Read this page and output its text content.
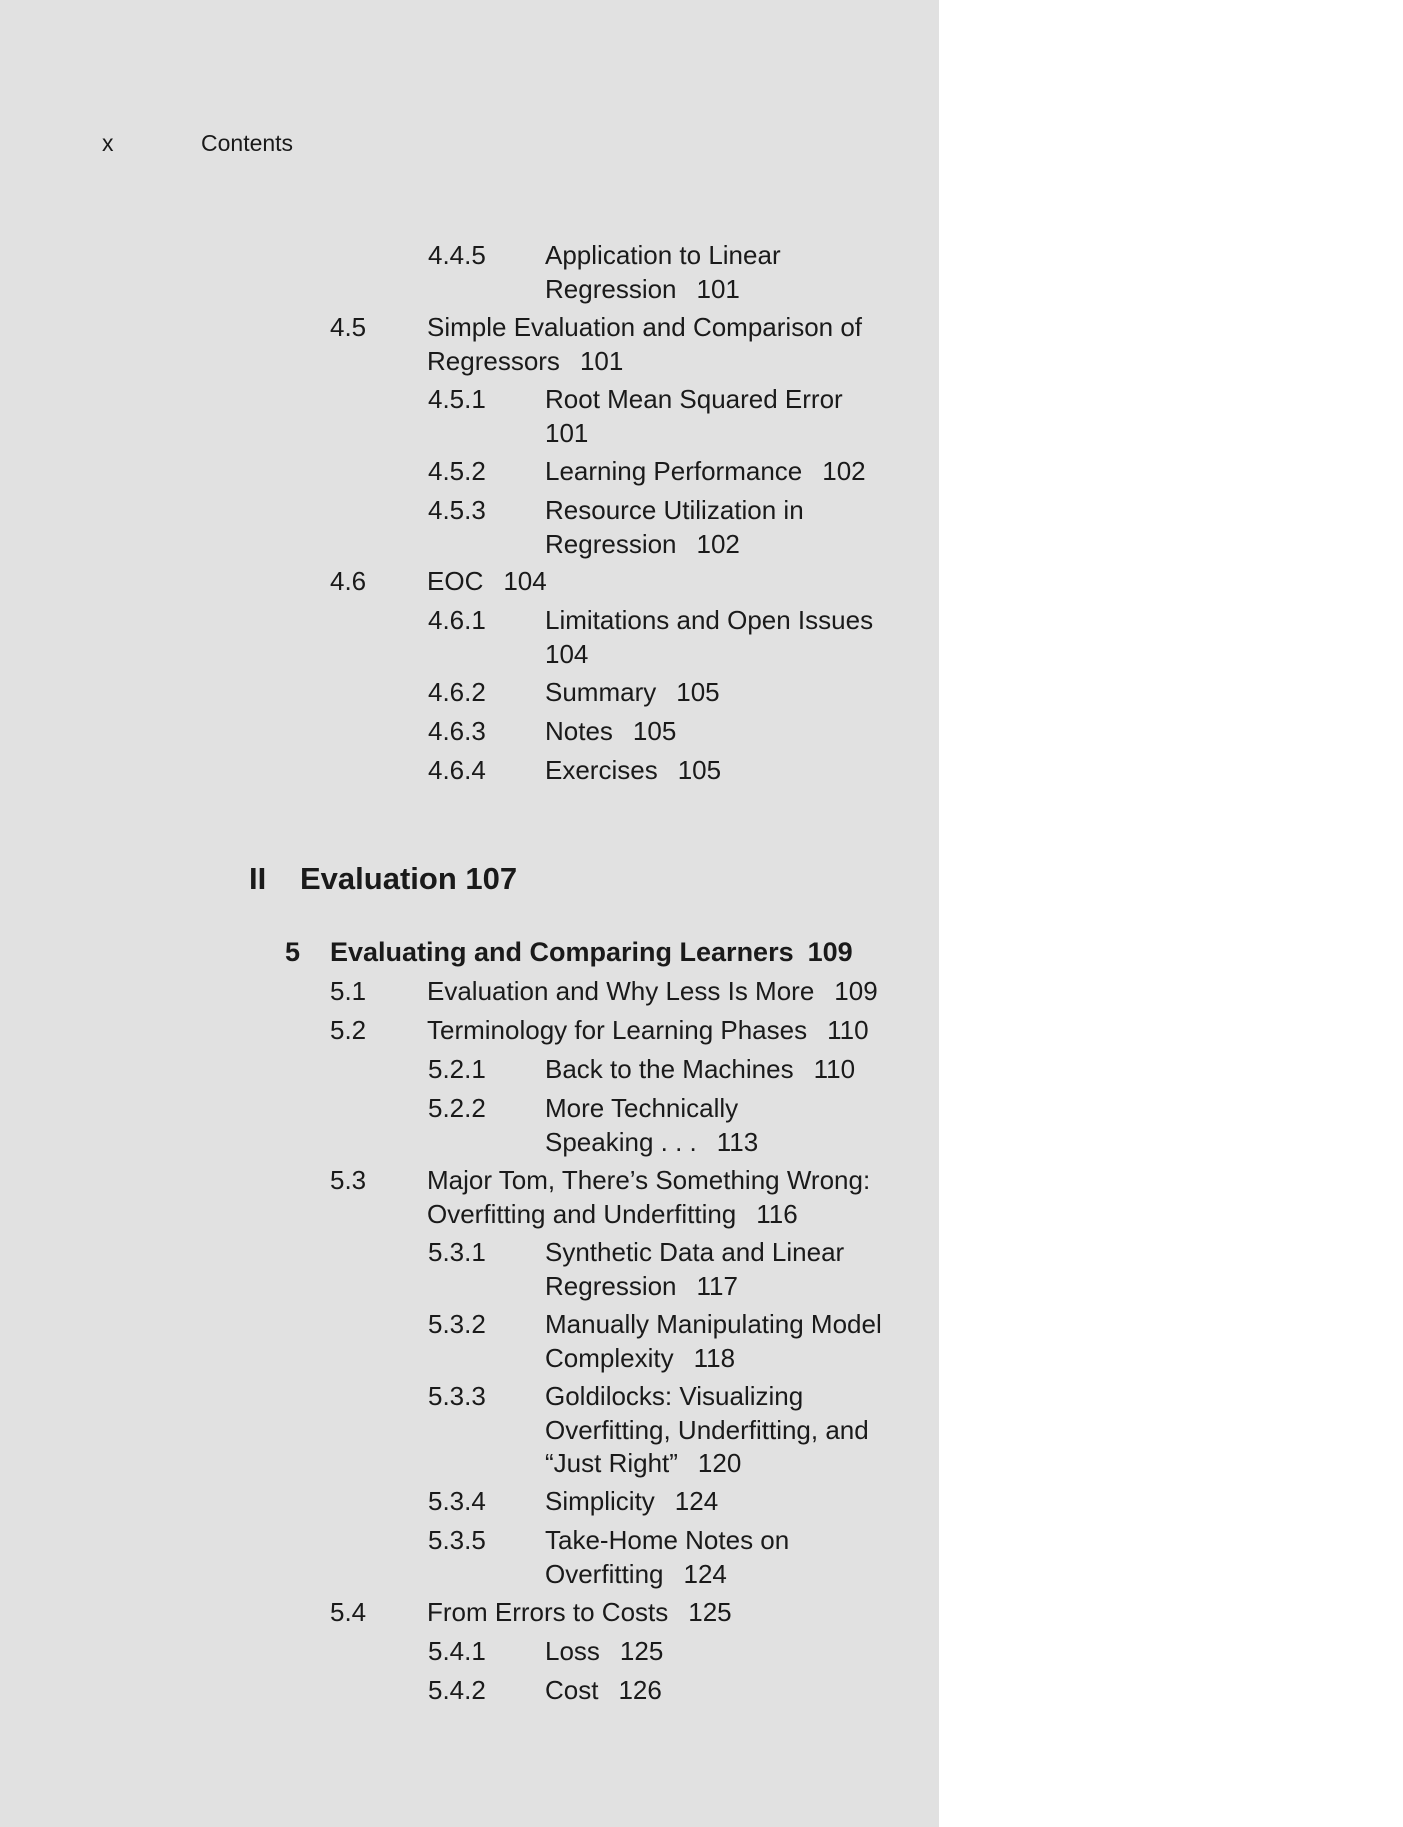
x	Contents
4.4.5 Application to Linear Regression 101
4.5 Simple Evaluation and Comparison of Regressors 101
4.5.1 Root Mean Squared Error101
4.5.2 Learning Performance 102
4.5.3 Resource Utilization in Regression 102
4.6 EOC 104
4.6.1 Limitations and Open Issues104
4.6.2 Summary 105
4.6.3 Notes 105
4.6.4 Exercises 105
II Evaluation 107
5 Evaluating and Comparing Learners 109
5.1 Evaluation and Why Less Is More 109
5.2 Terminology for Learning Phases 110
5.2.1 Back to the Machines 110
5.2.2 More Technically Speaking . . . 113
5.3 Major Tom, There’s Something Wrong: Overfitting and Underfitting 116
5.3.1 Synthetic Data and Linear Regression 117
5.3.2 Manually Manipulating Model Complexity 118
5.3.3 Goldilocks: Visualizing Overfitting, Underfitting, and “Just Right” 120
5.3.4 Simplicity 124
5.3.5 Take-Home Notes on Overfitting 124
5.4 From Errors to Costs 125
5.4.1 Loss 125
5.4.2 Cost 126
